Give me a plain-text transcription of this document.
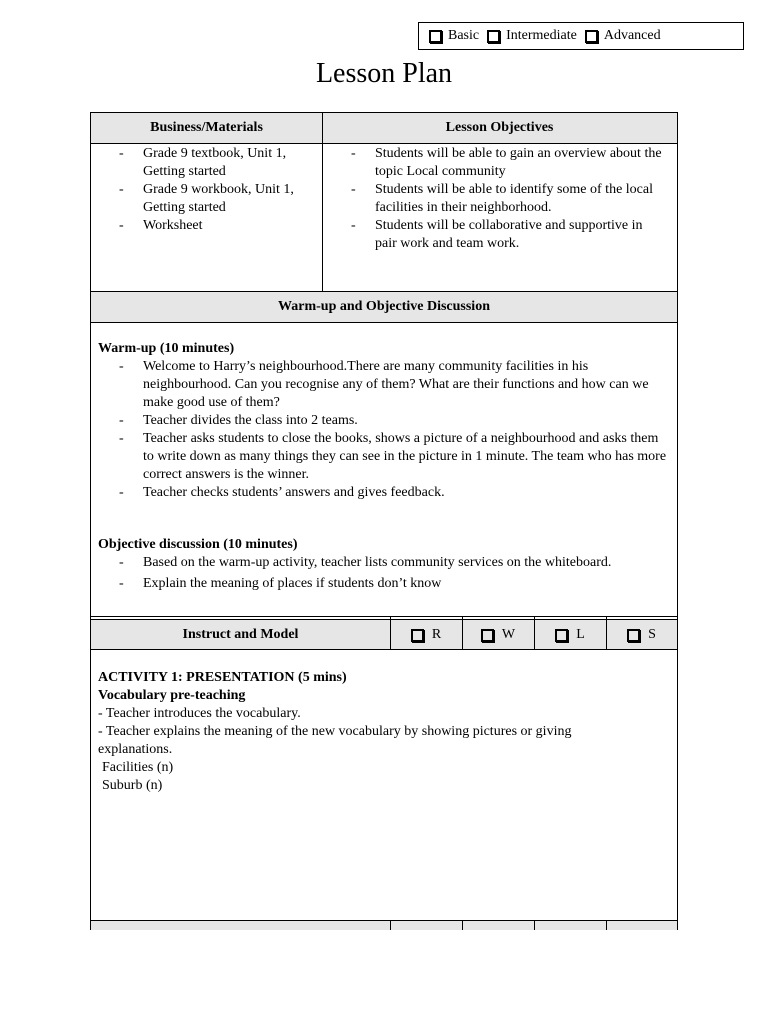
Basic Intermediate Advanced
Lesson Plan
Business/Materials	Lesson Objectives
-	Grade 9 textbook, Unit 1, Getting started
-	Grade 9 workbook, Unit 1, Getting started
-	Worksheet
-	Students will be able to gain an overview about the topic Local community
-	Students will be able to identify some of the local facilities in their neighborhood.
-	Students will be collaborative and supportive in pair work and team work.
Warm-up and Objective Discussion
Warm-up (10 minutes)
-	Welcome to Harry’s neighbourhood.There are many community facilities in his neighbourhood. Can you recognise any of them? What are their functions and how can we make good use of them?
-	Teacher divides the class into 2 teams.
-	Teacher asks students to close the books, shows a picture of a neighbourhood and asks them to write down as many things they can see in the picture in 1 minute. The team who has more correct answers is the winner.
-	Teacher checks students’ answers and gives feedback.
Objective discussion (10 minutes)
-	Based on the warm-up activity, teacher lists community services on the whiteboard.
-	Explain the meaning of places if students don’t know
Instruct and Model	R	W	L	S
ACTIVITY 1: PRESENTATION (5 mins)
Vocabulary pre-teaching
- Teacher introduces the vocabulary.
- Teacher explains the meaning of the new vocabulary by showing pictures or giving explanations.
Facilities (n)
Suburb (n)
